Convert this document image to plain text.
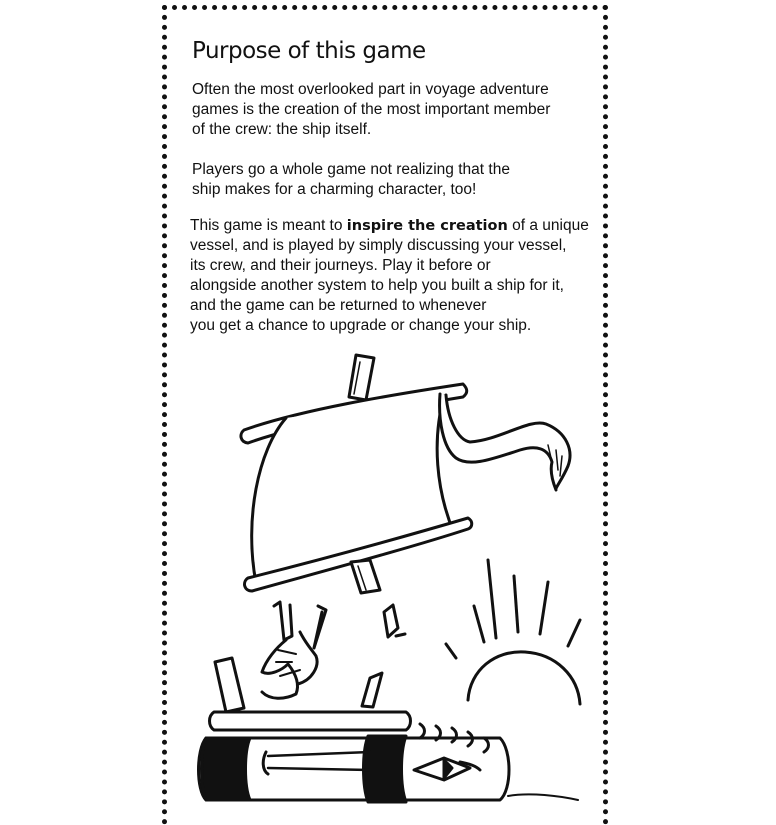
Purpose of this game

Often the most overlooked part in voyage adventure
games is the creation of the most important member
of the crew: the ship itself.

Players go a whole game not realizing that the
ship makes for a charming character, too!

This game is meant to inspire the creation of a unique
vessel, and is played by simply discussing your vessel,
its crew, and their journeys. Play it before or
alongside another system to help you built a ship for it,
and the game can be returned to whenever
you get a chance to upgrade or change your ship.
